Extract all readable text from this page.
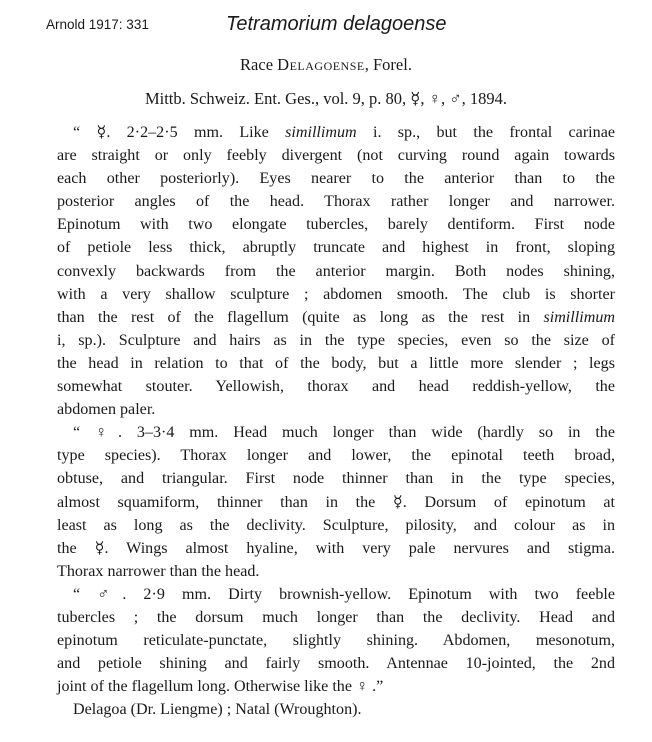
Arnold 1917: 331	Tetramorium delagoense
Race Delagoense, Forel.
Mittb. Schweiz. Ent. Ges., vol. 9, p. 80, ☿, ♀, ♂, 1894.
“ ☿. 2·2–2·5 mm. Like simillimum i. sp., but the frontal carinae
are straight or only feebly divergent (not curving round again towards
each other posteriorly). Eyes nearer to the anterior than to the
posterior angles of the head. Thorax rather longer and narrower.
Epinotum with two elongate tubercles, barely dentiform. First node
of petiole less thick, abruptly truncate and highest in front, sloping
convexly backwards from the anterior margin. Both nodes shining,
with a very shallow sculpture ; abdomen smooth. The club is shorter
than the rest of the flagellum (quite as long as the rest in simillimum
i, sp.). Sculpture and hairs as in the type species, even so the size of
the head in relation to that of the body, but a little more slender ; legs
somewhat stouter. Yellowish, thorax and head reddish-yellow, the
abdomen paler.
“ ♀. 3–3·4 mm. Head much longer than wide (hardly so in the
type species). Thorax longer and lower, the epinotal teeth broad,
obtuse, and triangular. First node thinner than in the type species,
almost squamiform, thinner than in the ☿. Dorsum of epinotum at
least as long as the declivity. Sculpture, pilosity, and colour as in
the ☿. Wings almost hyaline, with very pale nervures and stigma.
Thorax narrower than the head.
“ ♂. 2·9 mm. Dirty brownish-yellow. Epinotum with two feeble
tubercles ; the dorsum much longer than the declivity. Head and
epinotum reticulate-punctate, slightly shining. Abdomen, mesonotum,
and petiole shining and fairly smooth. Antennae 10-jointed, the 2nd
joint of the flagellum long. Otherwise like the ♀ .”
Delagoa (Dr. Liengme) ; Natal (Wroughton).
